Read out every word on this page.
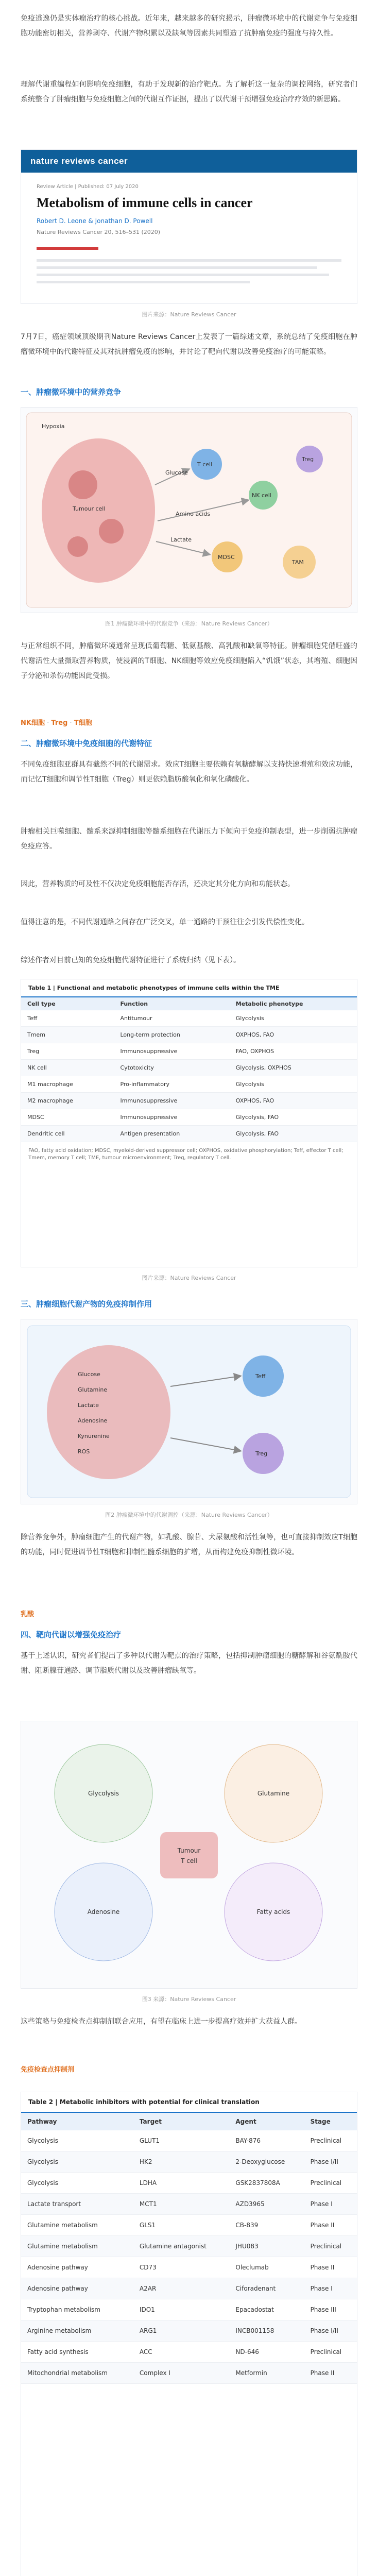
免疫逃逸仍是实体瘤治疗的核心挑战。近年来，越来越多的研究揭示，肿瘤微环境中的代谢竞争与免疫细胞功能密切相关，营养剥夺、代谢产物积累以及缺氧等因素共同塑造了抗肿瘤免疫的强度与持久性。

理解代谢重编程如何影响免疫细胞，有助于发现新的治疗靶点。为了解析这一复杂的调控网络，研究者们系统整合了肿瘤细胞与免疫细胞之间的代谢互作证据，提出了以代谢干预增强免疫治疗疗效的新思路。

nature reviews cancer
Review Article | Published: 07 July 2020
Metabolism of immune cells in cancer
Robert D. Leone & Jonathan D. Powell
Nature Reviews Cancer 20, 516–531 (2020)

图片来源：Nature Reviews Cancer

7月7日，癌症领域顶级期刊Nature Reviews Cancer上发表了一篇综述文章，系统总结了免疫细胞在肿瘤微环境中的代谢特征及其对抗肿瘤免疫的影响，并讨论了靶向代谢以改善免疫治疗的可能策略。

一、肿瘤微环境中的营养竞争
Tumour cell
Glucose
Amino acids
Lactate
Hypoxia
T cell
NK cell
Treg
MDSC
TAM

图1 肿瘤微环境中的代谢竞争（来源：Nature Reviews Cancer）

与正常组织不同，肿瘤微环境通常呈现低葡萄糖、低氨基酸、高乳酸和缺氧等特征。肿瘤细胞凭借旺盛的代谢活性大量摄取营养物质，使浸润的T细胞、NK细胞等效应免疫细胞陷入“饥饿”状态，其增殖、细胞因子分泌和杀伤功能因此受损。

NK细胞 · Treg · T细胞
二、肿瘤微环境中免疫细胞的代谢特征

不同免疫细胞亚群具有截然不同的代谢需求。效应T细胞主要依赖有氧糖酵解以支持快速增殖和效应功能，而记忆T细胞和调节性T细胞（Treg）则更依赖脂肪酸氧化和氧化磷酸化。

肿瘤相关巨噬细胞、髓系来源抑制细胞等髓系细胞在代谢压力下倾向于免疫抑制表型，进一步削弱抗肿瘤免疫应答。

因此，营养物质的可及性不仅决定免疫细胞能否存活，还决定其分化方向和功能状态。

值得注意的是，不同代谢通路之间存在广泛交叉，单一通路的干预往往会引发代偿性变化。

综述作者对目前已知的免疫细胞代谢特征进行了系统归纳（见下表）。

Table 1 | Functional and metabolic phenotypes of immune cells within the TME
Cell type	Function	Metabolic phenotype
Teff	Antitumour	Glycolysis
Tmem	Long-term protection	OXPHOS, FAO
Treg	Immunosuppressive	FAO, OXPHOS
NK cell	Cytotoxicity	Glycolysis, OXPHOS
M1 macrophage	Pro-inflammatory	Glycolysis
M2 macrophage	Immunosuppressive	OXPHOS, FAO
MDSC	Immunosuppressive	Glycolysis, FAO
Dendritic cell	Antigen presentation	Glycolysis, FAO

FAO, fatty acid oxidation; MDSC, myeloid-derived suppressor cell; OXPHOS, oxidative phosphorylation; Teff, effector T cell; Tmem, memory T cell; TME, tumour microenvironment; Treg, regulatory T cell.

图片来源：Nature Reviews Cancer

三、肿瘤细胞代谢产物的免疫抑制作用
Glucose
Glutamine
Lactate
Adenosine
Kynurenine
ROS
Teff
Treg

图2 肿瘤微环境中的代谢调控（来源：Nature Reviews Cancer）

除营养竞争外，肿瘤细胞产生的代谢产物，如乳酸、腺苷、犬尿氨酸和活性氧等，也可直接抑制效应T细胞的功能，同时促进调节性T细胞和抑制性髓系细胞的扩增，从而构建免疫抑制性微环境。

乳酸
四、靶向代谢以增强免疫治疗

基于上述认识，研究者们提出了多种以代谢为靶点的治疗策略，包括抑制肿瘤细胞的糖酵解和谷氨酰胺代谢、阻断腺苷通路、调节脂质代谢以及改善肿瘤缺氧等。

Glycolysis	Glutamine
Adenosine	Fatty acids
Tumour
T cell

图3 来源：Nature Reviews Cancer

这些策略与免疫检查点抑制剂联合应用，有望在临床上进一步提高疗效并扩大获益人群。

免疫检查点抑制剂
Table 2 | Metabolic inhibitors with potential for clinical translation
Pathway	Target	Agent	Stage
Glycolysis	GLUT1	BAY-876	Preclinical
Glycolysis	HK2	2-Deoxyglucose	Phase I/II
Glycolysis	LDHA	GSK2837808A	Preclinical
Lactate transport	MCT1	AZD3965	Phase I
Glutamine metabolism	GLS1	CB-839	Phase II
Glutamine metabolism	Glutamine antagonist	JHU083	Preclinical
Adenosine pathway	CD73	Oleclumab	Phase II
Adenosine pathway	A2AR	Ciforadenant	Phase I
Tryptophan metabolism	IDO1	Epacadostat	Phase III
Arginine metabolism	ARG1	INCB001158	Phase I/II
Fatty acid synthesis	ACC	ND-646	Preclinical
Mitochondrial metabolism	Complex I	Metformin	Phase II
